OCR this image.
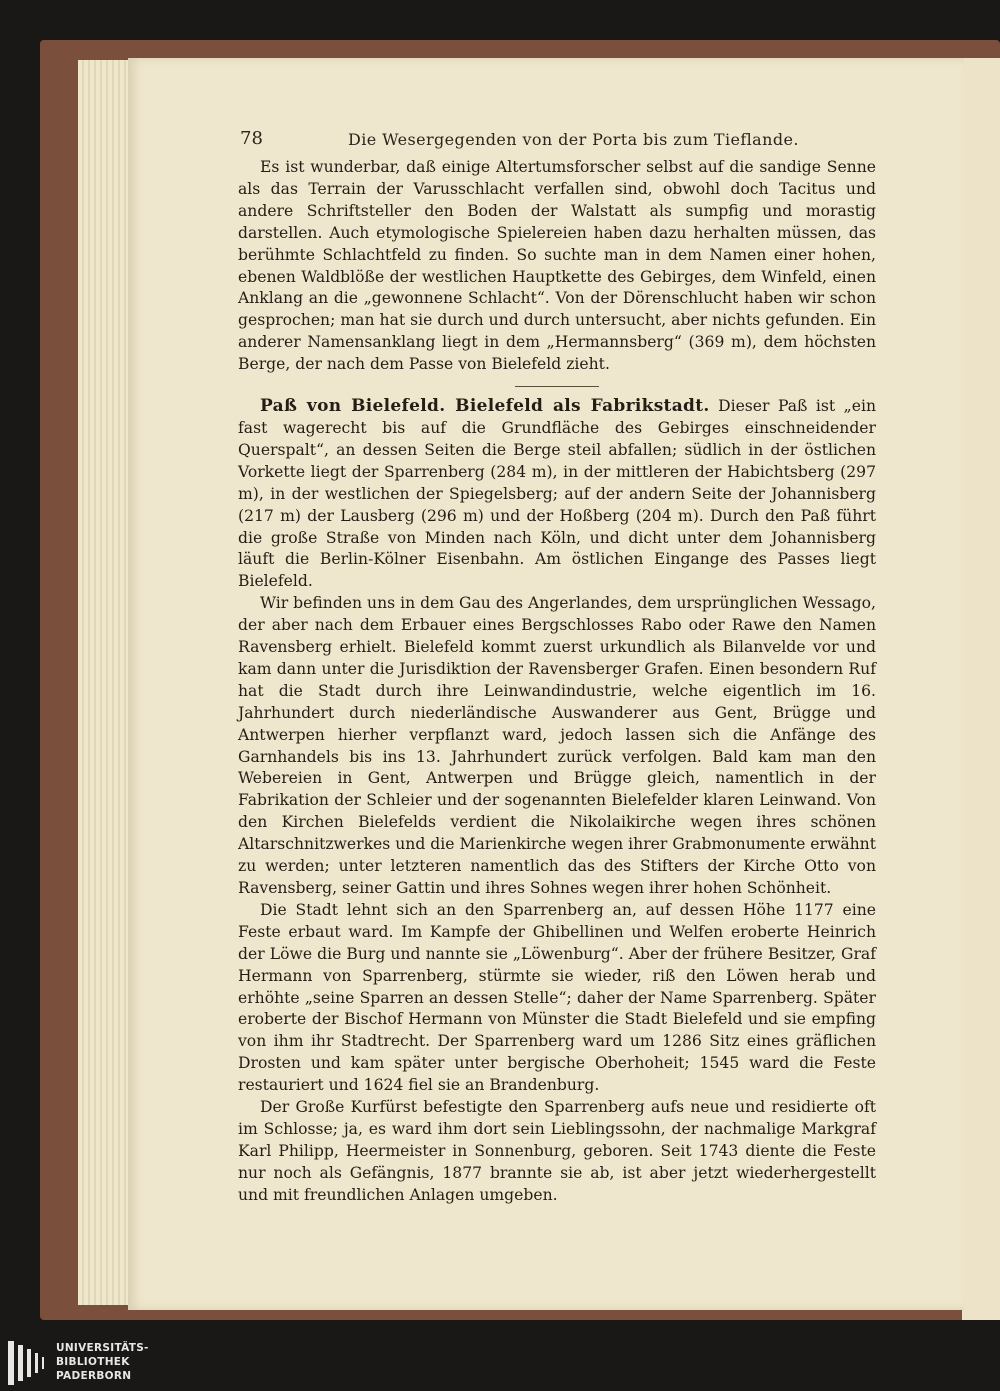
78	Die Wesergegenden von der Porta bis zum Tieflande.

Es ist wunderbar, daß einige Altertumsforscher selbst auf die sandige Senne als das Terrain der Varusschlacht verfallen sind, obwohl doch Tacitus und andere Schriftsteller den Boden der Walstatt als sumpfig und morastig darstellen. Auch etymologische Spielereien haben dazu herhalten müssen, das berühmte Schlachtfeld zu finden. So suchte man in dem Namen einer hohen, ebenen Waldblöße der westlichen Hauptkette des Gebirges, dem Winfeld, einen Anklang an die „gewonnene Schlacht“. Von der Dörenschlucht haben wir schon gesprochen; man hat sie durch und durch untersucht, aber nichts gefunden. Ein anderer Namensanklang liegt in dem „Hermannsberg“ (369 m), dem höchsten Berge, der nach dem Passe von Bielefeld zieht.

Paß von Bielefeld. Bielefeld als Fabrikstadt. Dieser Paß ist „ein fast wagerecht bis auf die Grundfläche des Gebirges einschneidender Querspalt“, an dessen Seiten die Berge steil abfallen; südlich in der östlichen Vorkette liegt der Sparrenberg (284 m), in der mittleren der Habichtsberg (297 m), in der westlichen der Spiegelsberg; auf der andern Seite der Johannisberg (217 m) der Lausberg (296 m) und der Hoßberg (204 m). Durch den Paß führt die große Straße von Minden nach Köln, und dicht unter dem Johannisberg läuft die Berlin-Kölner Eisenbahn. Am östlichen Eingange des Passes liegt Bielefeld.

Wir befinden uns in dem Gau des Angerlandes, dem ursprünglichen Wessago, der aber nach dem Erbauer eines Bergschlosses Rabo oder Rawe den Namen Ravensberg erhielt. Bielefeld kommt zuerst urkundlich als Bilanvelde vor und kam dann unter die Jurisdiktion der Ravensberger Grafen. Einen besondern Ruf hat die Stadt durch ihre Leinwandindustrie, welche eigentlich im 16. Jahrhundert durch niederländische Auswanderer aus Gent, Brügge und Antwerpen hierher verpflanzt ward, jedoch lassen sich die Anfänge des Garnhandels bis ins 13. Jahrhundert zurück verfolgen. Bald kam man den Webereien in Gent, Antwerpen und Brügge gleich, namentlich in der Fabrikation der Schleier und der sogenannten Bielefelder klaren Leinwand. Von den Kirchen Bielefelds verdient die Nikolaikirche wegen ihres schönen Altarschnitzwerkes und die Marienkirche wegen ihrer Grabmonumente erwähnt zu werden; unter letzteren namentlich das des Stifters der Kirche Otto von Ravensberg, seiner Gattin und ihres Sohnes wegen ihrer hohen Schönheit.

Die Stadt lehnt sich an den Sparrenberg an, auf dessen Höhe 1177 eine Feste erbaut ward. Im Kampfe der Ghibellinen und Welfen eroberte Heinrich der Löwe die Burg und nannte sie „Löwenburg“. Aber der frühere Besitzer, Graf Hermann von Sparrenberg, stürmte sie wieder, riß den Löwen herab und erhöhte „seine Sparren an dessen Stelle“; daher der Name Sparrenberg. Später eroberte der Bischof Hermann von Münster die Stadt Bielefeld und sie empfing von ihm ihr Stadtrecht. Der Sparrenberg ward um 1286 Sitz eines gräflichen Drosten und kam später unter bergische Oberhoheit; 1545 ward die Feste restauriert und 1624 fiel sie an Brandenburg.

Der Große Kurfürst befestigte den Sparrenberg aufs neue und residierte oft im Schlosse; ja, es ward ihm dort sein Lieblingssohn, der nachmalige Markgraf Karl Philipp, Heermeister in Sonnenburg, geboren. Seit 1743 diente die Feste nur noch als Gefängnis, 1877 brannte sie ab, ist aber jetzt wiederhergestellt und mit freundlichen Anlagen umgeben.

UNIVERSITÄTS-
BIBLIOTHEK
PADERBORN
